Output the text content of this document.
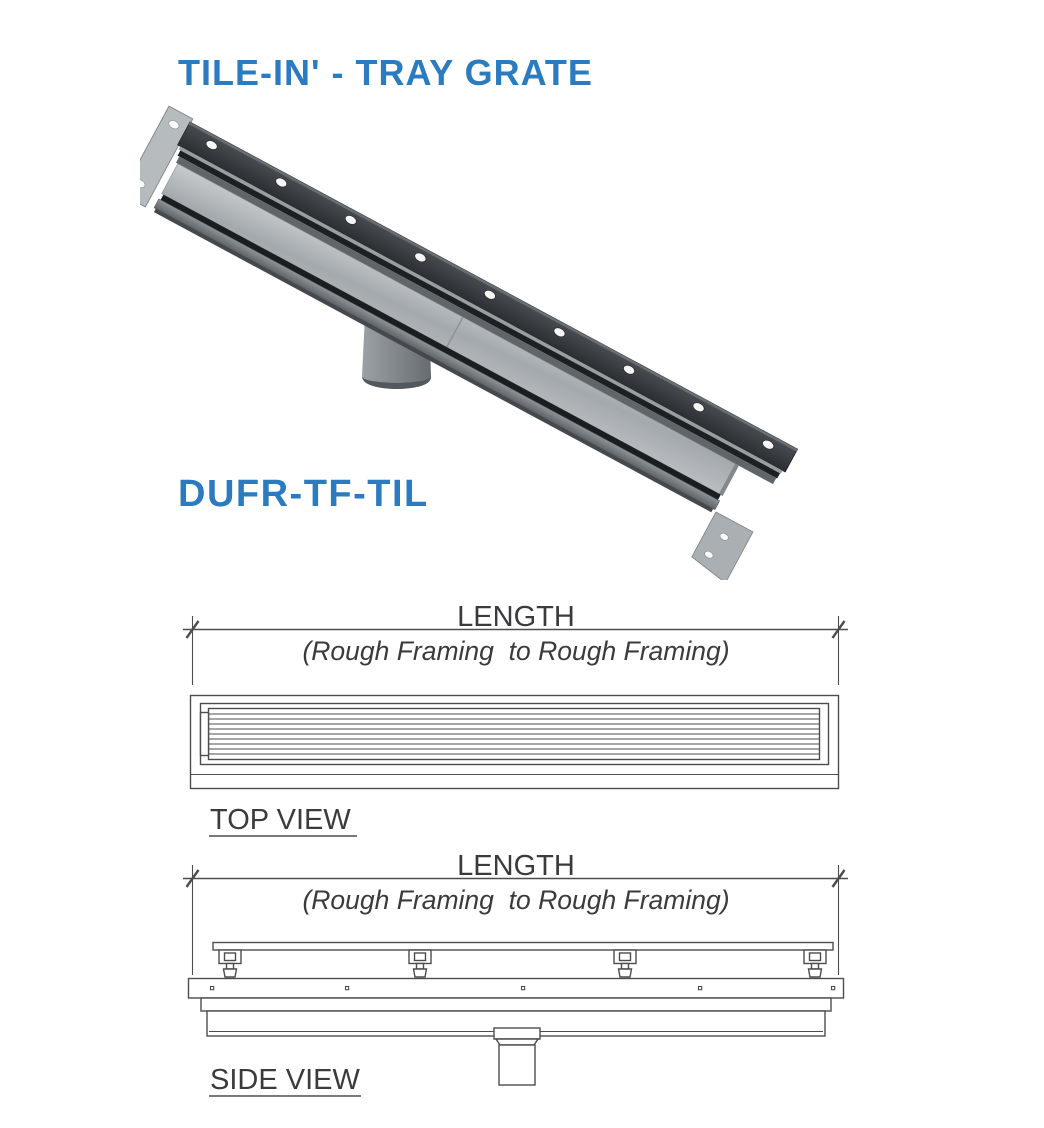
TILE-IN' - TRAY GRATE
DUFR-TF-TIL
LENGTH
(Rough Framing  to Rough Framing)
TOP VIEW
LENGTH
(Rough Framing  to Rough Framing)
SIDE VIEW
